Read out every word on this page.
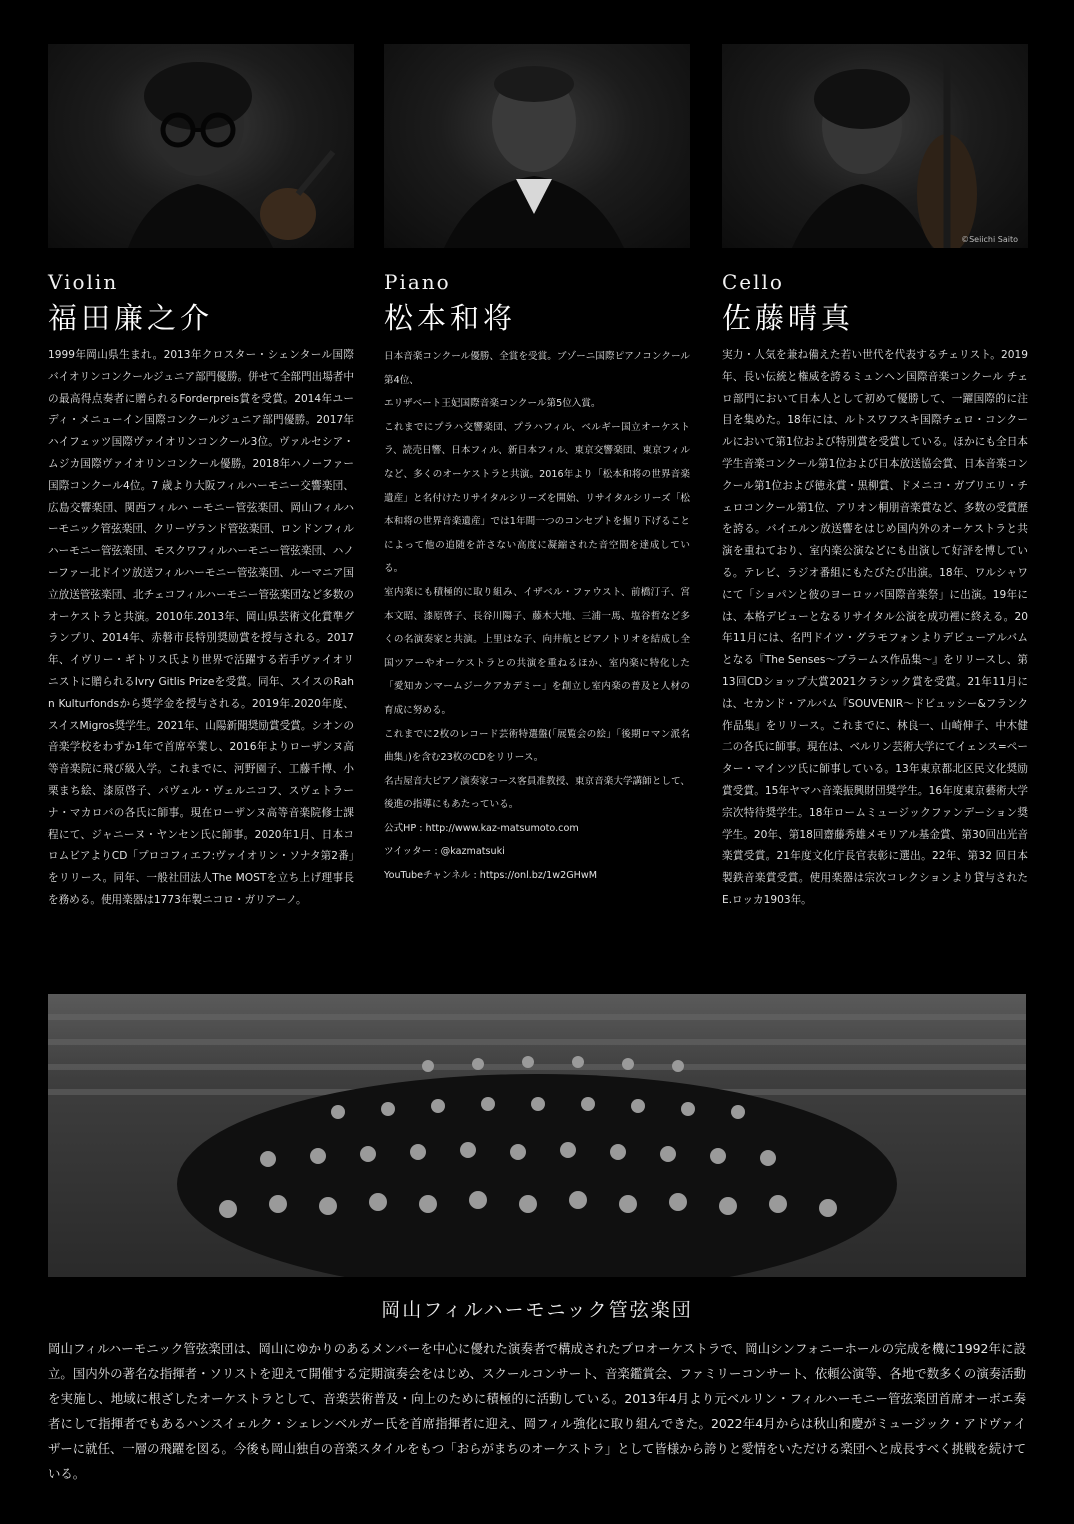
Violin
福田廉之介
1999年岡山県生まれ。2013年クロスター・シェンタール国際バイオリンコンクールジュニア部門優勝。併せて全部門出場者中の最高得点奏者に贈られるForderpreis賞を受賞。2014年ユーディ・メニューイン国際コンクールジュニア部門優勝。2017年ハイフェッツ国際ヴァイオリンコンクール3位。ヴァルセシア・ムジカ国際ヴァイオリンコンクール優勝。2018年ハノーファー国際コンクール4位。7 歳より大阪フィルハーモニー交響楽団、広島交響楽団、関西フィルハ ーモニー管弦楽団、岡山フィルハーモニック管弦楽団、クリーヴランド管弦楽団、ロンドンフィルハーモニー管弦楽団、モスクワフィルハーモニー管弦楽団、ハノーファー北ドイツ放送フィルハーモニー管弦楽団、ルーマニア国立放送管弦楽団、北チェコフィルハーモニー管弦楽団など多数のオーケストラと共演。2010年.2013年、岡山県芸術文化賞準グランプリ、2014年、赤磐市長特別奨励賞を授与される。2017年、イヴリー・ギトリス氏より世界で活躍する若手ヴァイオリニストに贈られるIvry Gitlis Prizeを受賞。同年、スイスのRahn Kulturfondsから奨学金を授与される。2019年.2020年度、スイスMigros奨学生。2021年、山陽新聞奨励賞受賞。シオンの音楽学校をわずか1年で首席卒業し、2016年よりローザンヌ高等音楽院に飛び級入学。これまでに、河野園子、工藤千博、小栗まち絵、漆原啓子、パヴェル・ヴェルニコフ、スヴェトラーナ・マカロバの各氏に師事。現在ローザンヌ高等音楽院修士課程にて、ジャニーヌ・ヤンセン氏に師事。2020年1月、日本コロムビアよりCD「プロコフィエフ:ヴァイオリン・ソナタ第2番」をリリース。同年、一般社団法人The MOSTを立ち上げ理事長を務める。使用楽器は1773年製ニコロ・ガリアーノ。
Piano
松本和将

日本音楽コンクール優勝、全賞を受賞。ブゾーニ国際ピアノコンクール第4位、

エリザベート王妃国際音楽コンクール第5位入賞。

これまでにプラハ交響楽団、プラハフィル、ベルギー国立オーケストラ、読売日響、日本フィル、新日本フィル、東京交響楽団、東京フィルなど、多くのオーケストラと共演。2016年より「松本和将の世界音楽遺産」と名付けたリサイタルシリーズを開始、リサイタルシリーズ「松本和将の世界音楽遺産」では1年間一つのコンセプトを掘り下げることによって他の追随を許さない高度に凝縮された音空間を達成している。

室内楽にも積極的に取り組み、イザベル・ファウスト、前橋汀子、宮本文昭、漆原啓子、長谷川陽子、藤木大地、三浦一馬、塩谷哲など多くの名演奏家と共演。上里はな子、向井航とピアノトリオを結成し全国ツアーやオーケストラとの共演を重ねるほか、室内楽に特化した「愛知カンマームジークアカデミー」を創立し室内楽の普及と人材の育成に努める。

これまでに2枚のレコード芸術特選盤(「展覧会の絵」「後期ロマン派名曲集」)を含む23枚のCDをリリース。

名古屋音大ピアノ演奏家コース客員准教授、東京音楽大学講師として、後進の指導にもあたっている。

公式HP : http://www.kaz-matsumoto.com

ツイッター : @kazmatsuki

YouTubeチャンネル : https://onl.bz/1w2GHwM

©Seiichi Saito
Cello
佐藤晴真
実力・人気を兼ね備えた若い世代を代表するチェリスト。2019年、長い伝統と権威を誇るミュンヘン国際音楽コンクール チェロ部門において日本人として初めて優勝して、一躍国際的に注目を集めた。18年には、ルトスワフスキ国際チェロ・コンクールにおいて第1位および特別賞を受賞している。ほかにも全日本学生音楽コンクール第1位および日本放送協会賞、日本音楽コンクール第1位および徳永賞・黒柳賞、ドメニコ・ガブリエリ・チェロコンクール第1位、アリオン桐朋音楽賞など、多数の受賞歴を誇る。バイエルン放送響をはじめ国内外のオーケストラと共演を重ねており、室内楽公演などにも出演して好評を博している。テレビ、ラジオ番組にもたびたび出演。18年、ワルシャワにて「ショパンと彼のヨーロッパ国際音楽祭」に出演。19年には、本格デビューとなるリサイタル公演を成功裡に終える。20年11月には、名門ドイツ・グラモフォンよりデビューアルバムとなる『The Senses〜ブラームス作品集〜』をリリースし、第13回CDショップ大賞2021クラシック賞を受賞。21年11月には、セカンド・アルバム『SOUVENIR〜ドビュッシー&フランク作品集』をリリース。これまでに、林良一、山崎伸子、中木健二の各氏に師事。現在は、ベルリン芸術大学にてイェンス=ペーター・マインツ氏に師事している。13年東京都北区民文化奨励賞受賞。15年ヤマハ音楽振興財団奨学生。16年度東京藝術大学宗次特待奨学生。18年ロームミュージックファンデーション奨学生。20年、第18回齋藤秀雄メモリアル基金賞、第30回出光音楽賞受賞。21年度文化庁長官表彰に選出。22年、第32 回日本製鉄音楽賞受賞。使用楽器は宗次コレクションより貸与されたE.ロッカ1903年。
岡山フィルハーモニック管弦楽団
岡山フィルハーモニック管弦楽団は、岡山にゆかりのあるメンバーを中心に優れた演奏者で構成されたプロオーケストラで、岡山シンフォニーホールの完成を機に1992年に設立。国内外の著名な指揮者・ソリストを迎えて開催する定期演奏会をはじめ、スクールコンサート、音楽鑑賞会、ファミリーコンサート、依頼公演等、各地で数多くの演奏活動を実施し、地域に根ざしたオーケストラとして、音楽芸術普及・向上のために積極的に活動している。2013年4月より元ベルリン・フィルハーモニー管弦楽団首席オーボエ奏者にして指揮者でもあるハンスイェルク・シェレンベルガー氏を首席指揮者に迎え、岡フィル強化に取り組んできた。2022年4月からは秋山和慶がミュージック・アドヴァイザーに就任、一層の飛躍を図る。今後も岡山独自の音楽スタイルをもつ「おらがまちのオーケストラ」として皆様から誇りと愛情をいただける楽団へと成長すべく挑戦を続けている。
